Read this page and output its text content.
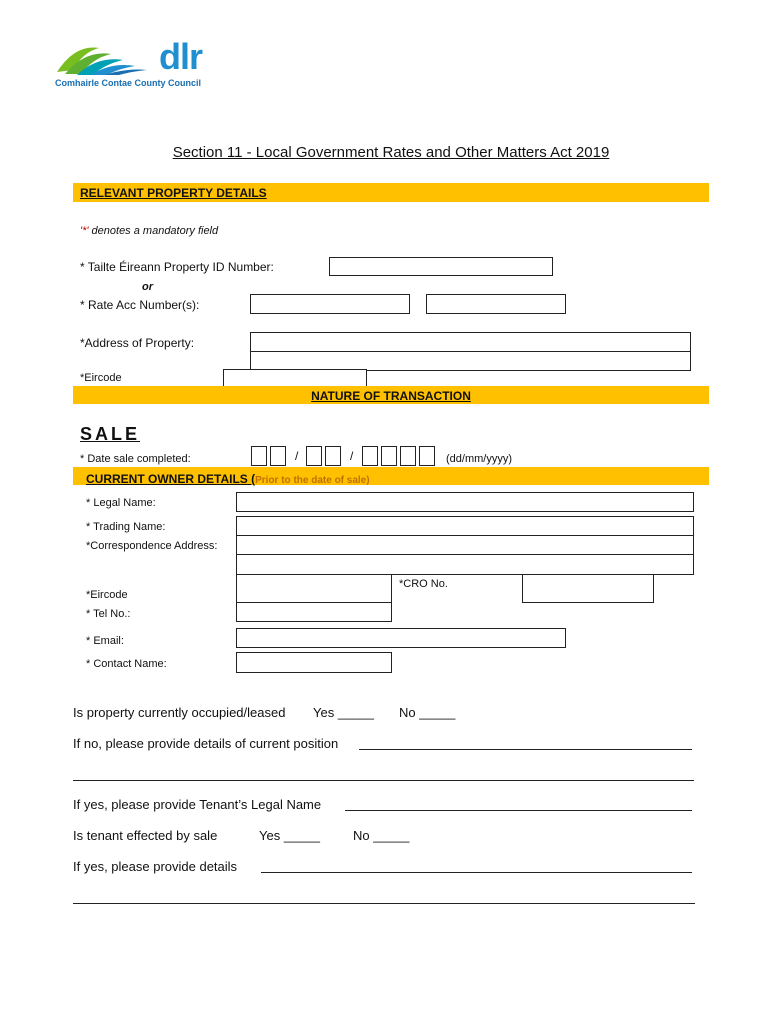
dlr
Comhairle Contae County Council
Section 11 - Local Government Rates and Other Matters Act 2019
RELEVANT PROPERTY DETAILS
'*' denotes a mandatory field
* Tailte Éireann Property ID Number:
or
* Rate Acc Number(s):
*Address of Property:
*Eircode
NATURE OF TRANSACTION
SALE
* Date sale completed:	/	/	(dd/mm/yyyy)
CURRENT OWNER DETAILS (Prior to the date of sale)
* Legal Name:
* Trading Name:
*Correspondence Address:
*CRO No.
*Eircode
* Tel No.:
* Email:
* Contact Name:
Is property currently occupied/leased Yes _____ No _____
If no, please provide details of current position
If yes, please provide Tenant’s Legal Name
Is tenant effected by sale	Yes _____	No _____
If yes, please provide details
